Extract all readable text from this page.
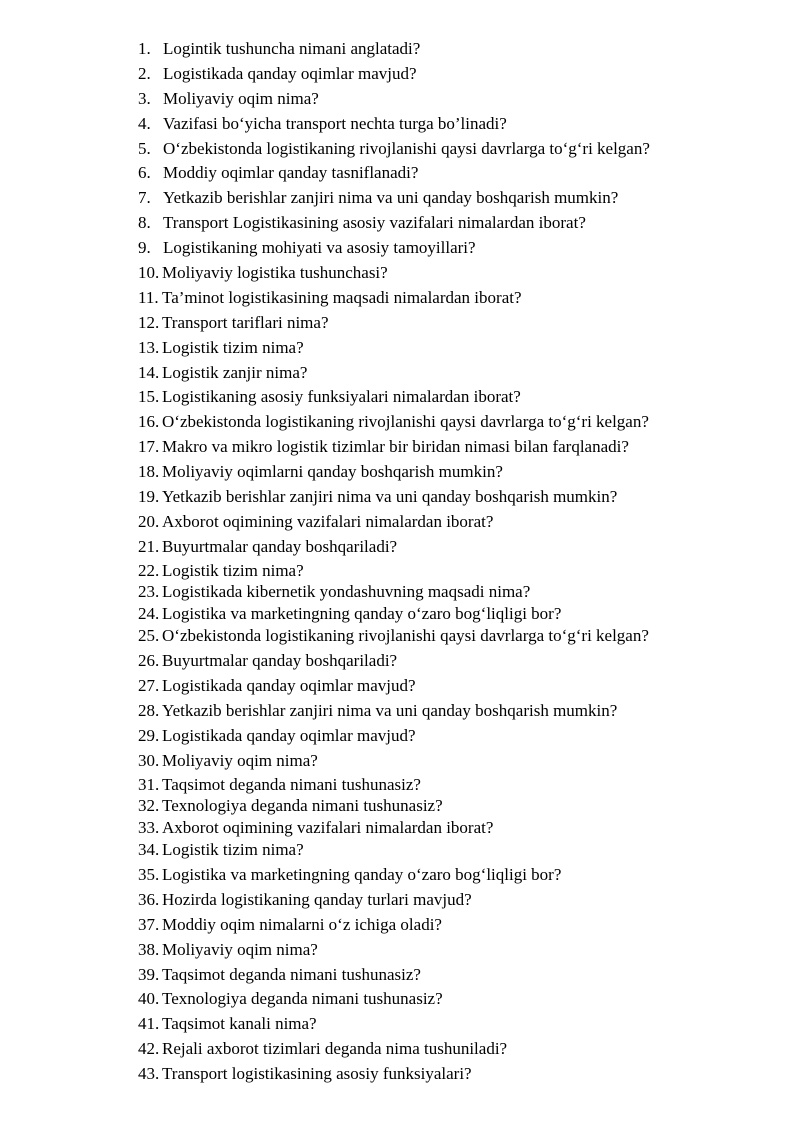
1. Logintik tushuncha nimani anglatadi?
2. Logistikada qanday oqimlar mavjud?
3. Moliyaviy oqim nima?
4. Vazifasi bo‘yicha transport nechta turga bo’linadi?
5. O‘zbekistonda logistikaning rivojlanishi qaysi davrlarga to‘g‘ri kelgan?
6. Moddiy oqimlar qanday tasniflanadi?
7. Yetkazib berishlar zanjiri nima va uni qanday boshqarish mumkin?
8. Transport Logistikasining asosiy vazifalari nimalardan iborat?
9. Logistikaning mohiyati va asosiy tamoyillari?
10. Moliyaviy logistika tushunchasi?
11. Ta’minot logistikasining maqsadi nimalardan iborat?
12. Transport tariflari nima?
13. Logistik tizim nima?
14. Logistik zanjir nima?
15. Logistikaning asosiy funksiyalari nimalardan iborat?
16. O‘zbekistonda logistikaning rivojlanishi qaysi davrlarga to‘g‘ri kelgan?
17. Makro va mikro logistik tizimlar bir biridan nimasi bilan farqlanadi?
18. Moliyaviy oqimlarni qanday boshqarish mumkin?
19. Yetkazib berishlar zanjiri nima va uni qanday boshqarish mumkin?
20. Axborot oqimining vazifalari nimalardan iborat?
21. Buyurtmalar qanday boshqariladi?
22. Logistik tizim nima?
23. Logistikada kibernetik yondashuvning maqsadi nima?
24. Logistika va marketingning qanday o‘zaro bog‘liqligi bor?
25. O‘zbekistonda logistikaning rivojlanishi qaysi davrlarga to‘g‘ri kelgan?
26. Buyurtmalar qanday boshqariladi?
27. Logistikada qanday oqimlar mavjud?
28. Yetkazib berishlar zanjiri nima va uni qanday boshqarish mumkin?
29. Logistikada qanday oqimlar mavjud?
30. Moliyaviy oqim nima?
31. Taqsimot deganda nimani tushunasiz?
32. Texnologiya deganda nimani tushunasiz?
33. Axborot oqimining vazifalari nimalardan iborat?
34. Logistik tizim nima?
35. Logistika va marketingning qanday o‘zaro bog‘liqligi bor?
36. Hozirda logistikaning qanday turlari mavjud?
37. Moddiy oqim nimalarni o‘z ichiga oladi?
38. Moliyaviy oqim nima?
39. Taqsimot deganda nimani tushunasiz?
40. Texnologiya deganda nimani tushunasiz?
41. Taqsimot kanali nima?
42. Rejali axborot tizimlari deganda nima tushuniladi?
43. Transport logistikasining asosiy funksiyalari?
